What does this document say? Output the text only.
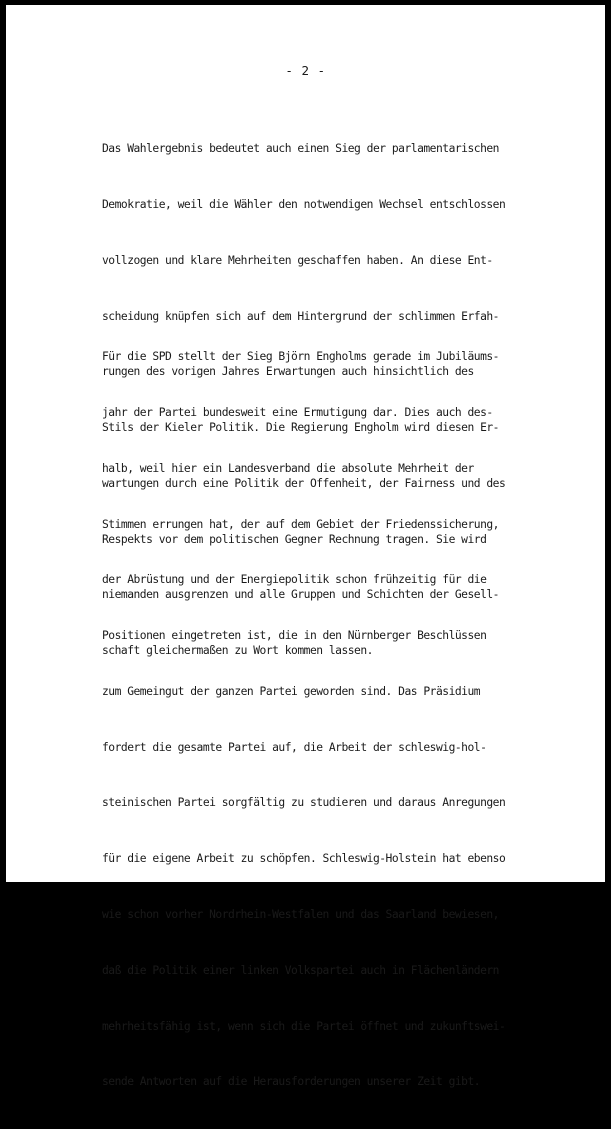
- 2 -

Das Wahlergebnis bedeutet auch einen Sieg der parlamentarischen

Demokratie, weil die Wähler den notwendigen Wechsel entschlossen

vollzogen und klare Mehrheiten geschaffen haben. An diese Ent-

scheidung knüpfen sich auf dem Hintergrund der schlimmen Erfah-

rungen des vorigen Jahres Erwartungen auch hinsichtlich des

Stils der Kieler Politik. Die Regierung Engholm wird diesen Er-

wartungen durch eine Politik der Offenheit, der Fairness und des

Respekts vor dem politischen Gegner Rechnung tragen. Sie wird

niemanden ausgrenzen und alle Gruppen und Schichten der Gesell-

schaft gleichermaßen zu Wort kommen lassen.

Für die SPD stellt der Sieg Björn Engholms gerade im Jubiläums-

jahr der Partei bundesweit eine Ermutigung dar. Dies auch des-

halb, weil hier ein Landesverband die absolute Mehrheit der

Stimmen errungen hat, der auf dem Gebiet der Friedenssicherung,

der Abrüstung und der Energiepolitik schon frühzeitig für die

Positionen eingetreten ist, die in den Nürnberger Beschlüssen

zum Gemeingut der ganzen Partei geworden sind. Das Präsidium

fordert die gesamte Partei auf, die Arbeit der schleswig-hol-

steinischen Partei sorgfältig zu studieren und daraus Anregungen

für die eigene Arbeit zu schöpfen. Schleswig-Holstein hat ebenso

wie schon vorher Nordrhein-Westfalen und das Saarland bewiesen,

daß die Politik einer linken Volkspartei auch in Flächenländern

mehrheitsfähig ist, wenn sich die Partei öffnet und zukunftswei-

sende Antworten auf die Herausforderungen unserer Zeit gibt.
